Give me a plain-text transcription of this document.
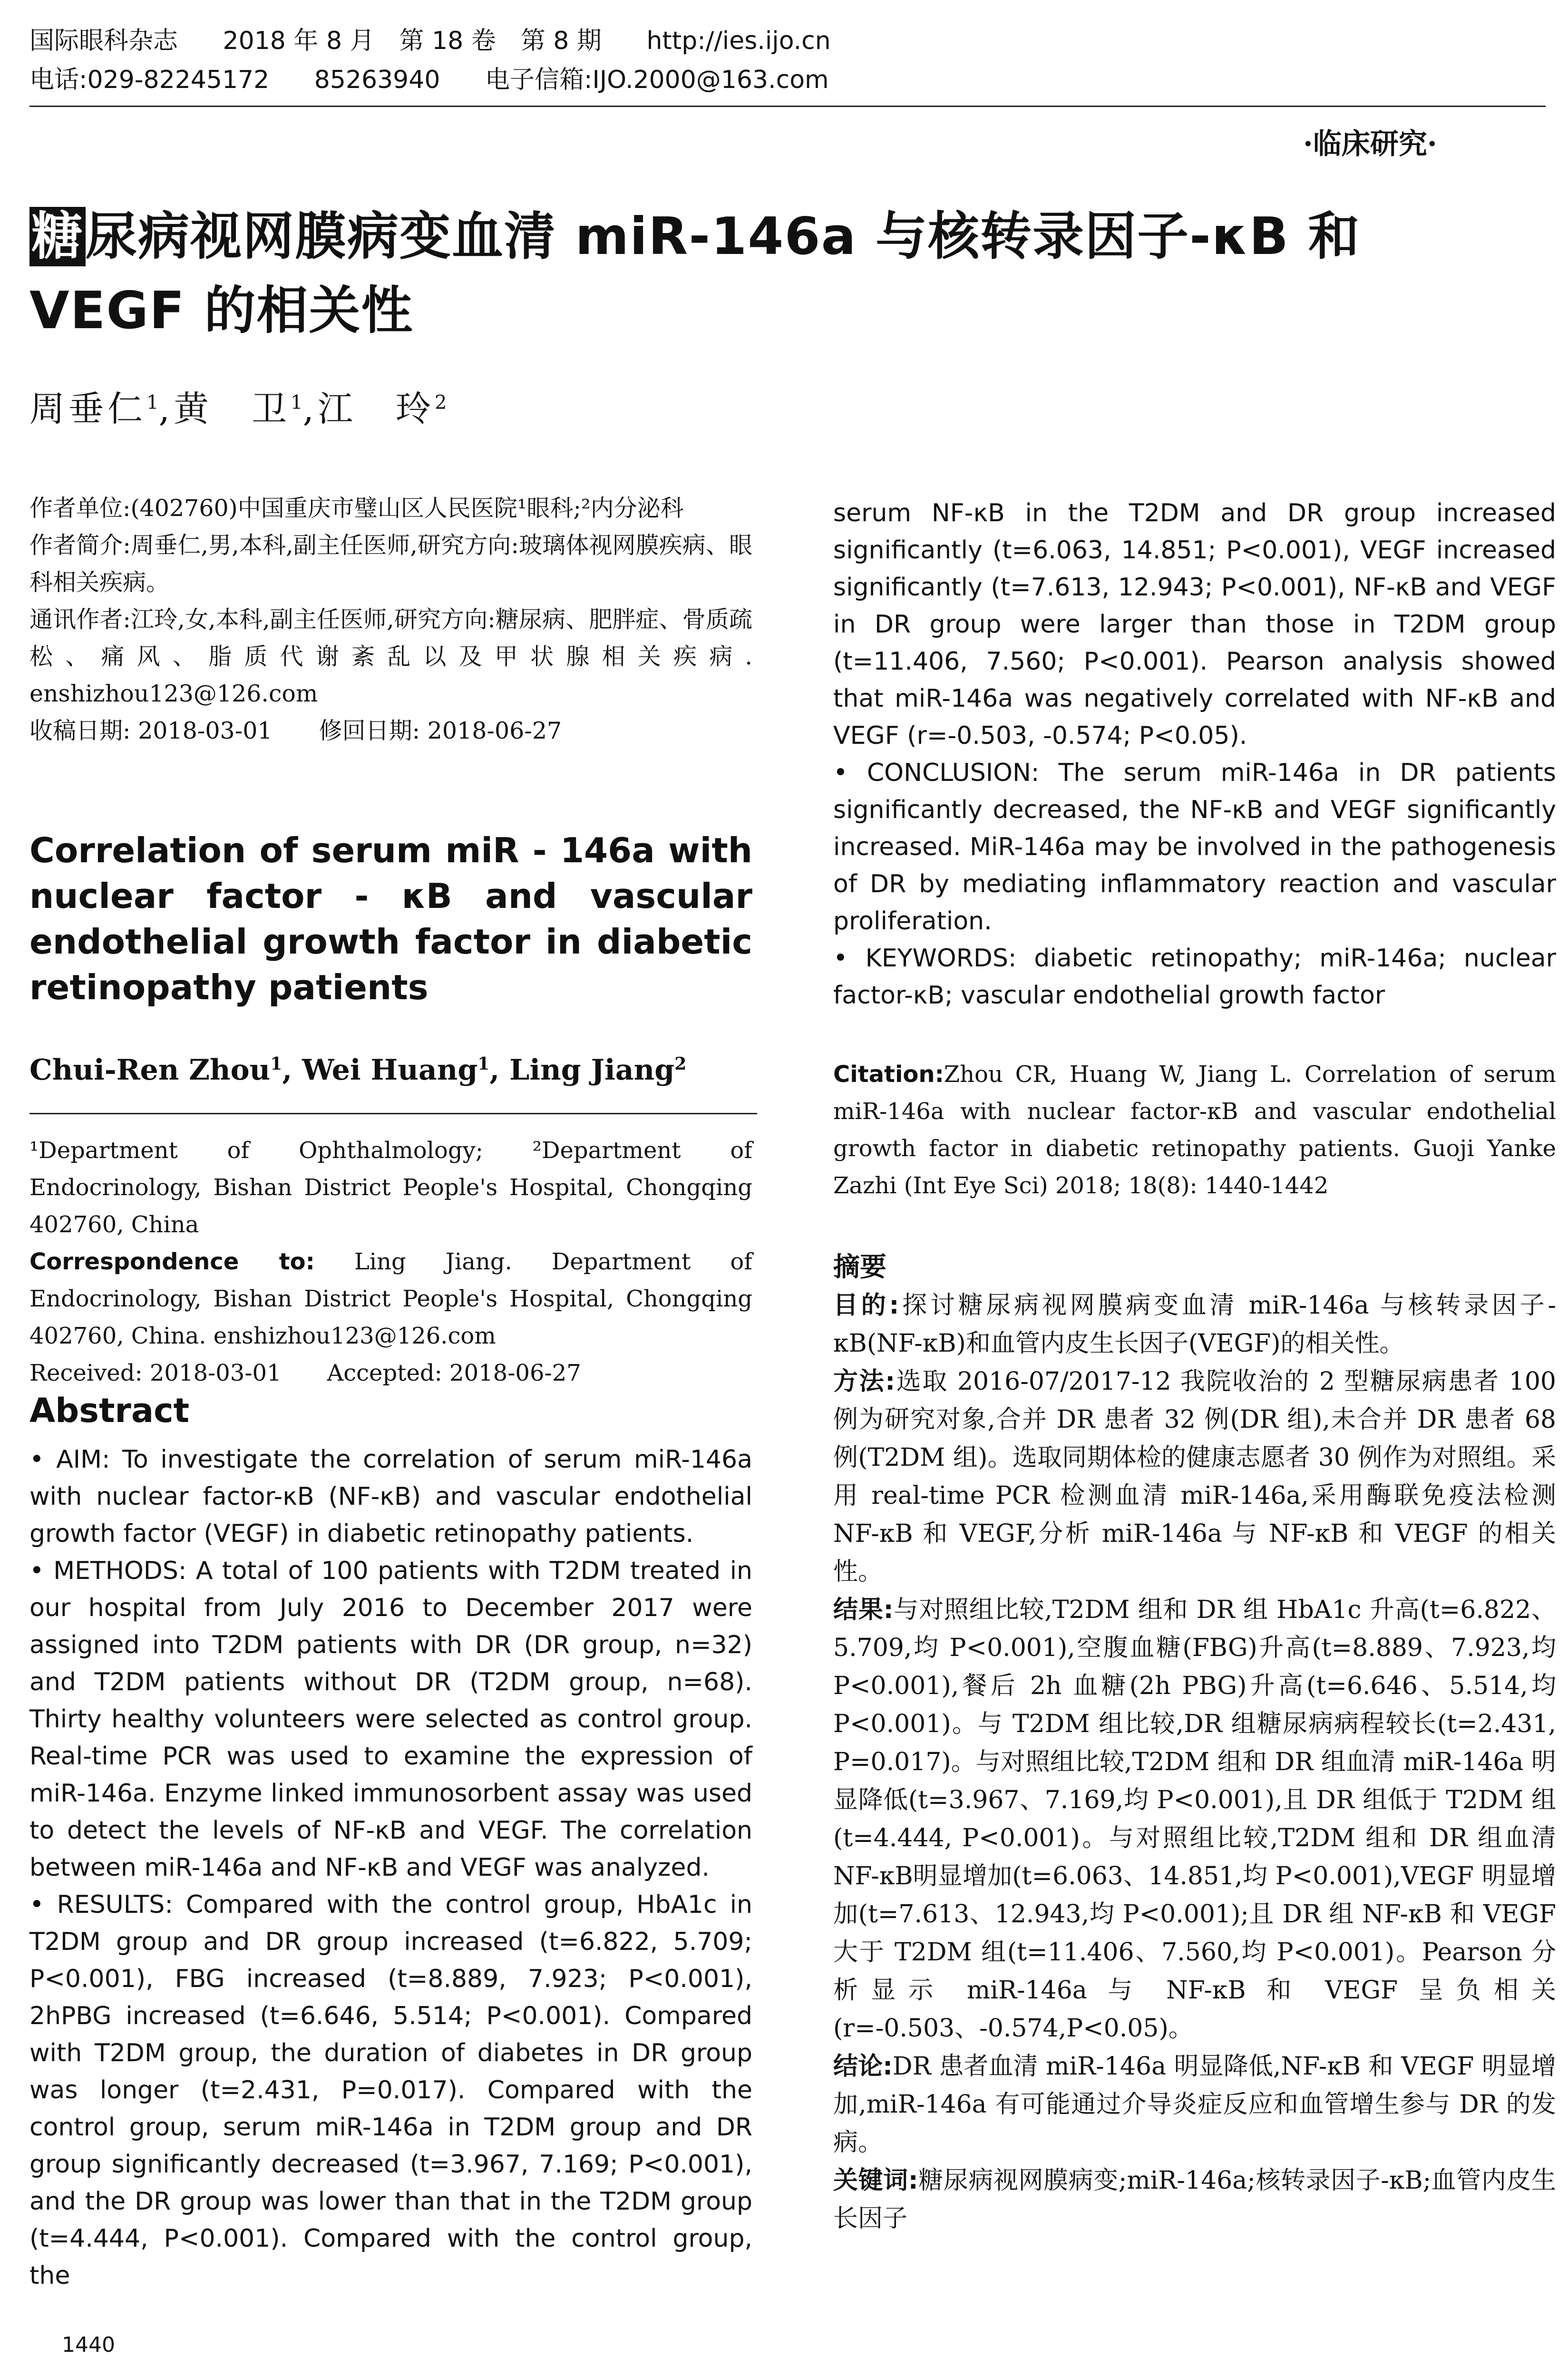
国际眼科杂志 2018 年 8 月　第 18 卷　第 8 期 http://ies.ijo.cn
电话:029-82245172 85263940 电子信箱:IJO.2000@163.com
·临床研究·
糖尿病视网膜病变血清 miR-146a 与核转录因子-κB 和
VEGF 的相关性
周垂仁$^1$,黄　卫$^1$,江　玲$^2$

作者单位:(402760)中国重庆市璧山区人民医院¹眼科;²内分泌科

作者简介:周垂仁,男,本科,副主任医师,研究方向:玻璃体视网膜疾病、眼科相关疾病。

通讯作者:江玲,女,本科,副主任医师,研究方向:糖尿病、肥胖症、骨质疏松、痛风、脂质代谢紊乱以及甲状腺相关疾病. enshizhou123@126.com

收稿日期: 2018-03-01　　修回日期: 2018-06-27

Correlation of serum miR - 146a with nuclear factor - κB and vascular endothelial growth factor in diabetic retinopathy patients
Chui-Ren Zhou$^1$, Wei Huang$^1$, Ling Jiang$^2$

¹Department of Ophthalmology; ²Department of Endocrinology, Bishan District People's Hospital, Chongqing 402760, China

Correspondence to: Ling Jiang. Department of Endocrinology, Bishan District People's Hospital, Chongqing 402760, China. enshizhou123@126.com

Received: 2018-03-01　　Accepted: 2018-06-27

Abstract

• AIM: To investigate the correlation of serum miR-146a with nuclear factor-κB (NF-κB) and vascular endothelial growth factor (VEGF) in diabetic retinopathy patients.

• METHODS: A total of 100 patients with T2DM treated in our hospital from July 2016 to December 2017 were assigned into T2DM patients with DR (DR group, n=32) and T2DM patients without DR (T2DM group, n=68). Thirty healthy volunteers were selected as control group. Real-time PCR was used to examine the expression of miR-146a. Enzyme linked immunosorbent assay was used to detect the levels of NF-κB and VEGF. The correlation between miR-146a and NF-κB and VEGF was analyzed.

• RESULTS: Compared with the control group, HbA1c in T2DM group and DR group increased (t=6.822, 5.709; P<0.001), FBG increased (t=8.889, 7.923; P<0.001), 2hPBG increased (t=6.646, 5.514; P<0.001). Compared with T2DM group, the duration of diabetes in DR group was longer (t=2.431, P=0.017). Compared with the control group, serum miR-146a in T2DM group and DR group significantly decreased (t=3.967, 7.169; P<0.001), and the DR group was lower than that in the T2DM group (t=4.444, P<0.001). Compared with the control group, the

1440

serum NF-κB in the T2DM and DR group increased significantly (t=6.063, 14.851; P<0.001), VEGF increased significantly (t=7.613, 12.943; P<0.001), NF-κB and VEGF in DR group were larger than those in T2DM group (t=11.406, 7.560; P<0.001). Pearson analysis showed that miR-146a was negatively correlated with NF-κB and VEGF (r=-0.503, -0.574; P<0.05).

• CONCLUSION: The serum miR-146a in DR patients significantly decreased, the NF-κB and VEGF significantly increased. MiR-146a may be involved in the pathogenesis of DR by mediating inflammatory reaction and vascular proliferation.

• KEYWORDS: diabetic retinopathy; miR-146a; nuclear factor-κB; vascular endothelial growth factor

Citation:Zhou CR, Huang W, Jiang L. Correlation of serum miR-146a with nuclear factor-κB and vascular endothelial growth factor in diabetic retinopathy patients. Guoji Yanke Zazhi (Int Eye Sci) 2018; 18(8): 1440-1442
摘要

目的:探讨糖尿病视网膜病变血清 miR-146a 与核转录因子-κB(NF-κB)和血管内皮生长因子(VEGF)的相关性。

方法:选取 2016-07/2017-12 我院收治的 2 型糖尿病患者 100 例为研究对象,合并 DR 患者 32 例(DR 组),未合并 DR 患者 68 例(T2DM 组)。选取同期体检的健康志愿者 30 例作为对照组。采用 real-time PCR 检测血清 miR-146a,采用酶联免疫法检测 NF-κB 和 VEGF,分析 miR-146a 与 NF-κB 和 VEGF 的相关性。

结果:与对照组比较,T2DM 组和 DR 组 HbA1c 升高(t=6.822、5.709,均 P<0.001),空腹血糖(FBG)升高(t=8.889、7.923,均 P<0.001),餐后 2h 血糖(2h PBG)升高(t=6.646、5.514,均 P<0.001)。与 T2DM 组比较,DR 组糖尿病病程较长(t=2.431, P=0.017)。与对照组比较,T2DM 组和 DR 组血清 miR-146a 明显降低(t=3.967、7.169,均 P<0.001),且 DR 组低于 T2DM 组(t=4.444, P<0.001)。与对照组比较,T2DM 组和 DR 组血清 NF-κB明显增加(t=6.063、14.851,均 P<0.001),VEGF 明显增加(t=7.613、12.943,均 P<0.001);且 DR 组 NF-κB 和 VEGF 大于 T2DM 组(t=11.406、7.560,均 P<0.001)。Pearson 分析显示 miR-146a 与 NF-κB 和 VEGF 呈负相关(r=-0.503、-0.574,P<0.05)。

结论:DR 患者血清 miR-146a 明显降低,NF-κB 和 VEGF 明显增加,miR-146a 有可能通过介导炎症反应和血管增生参与 DR 的发病。

关键词:糖尿病视网膜病变;miR-146a;核转录因子-κB;血管内皮生长因子
